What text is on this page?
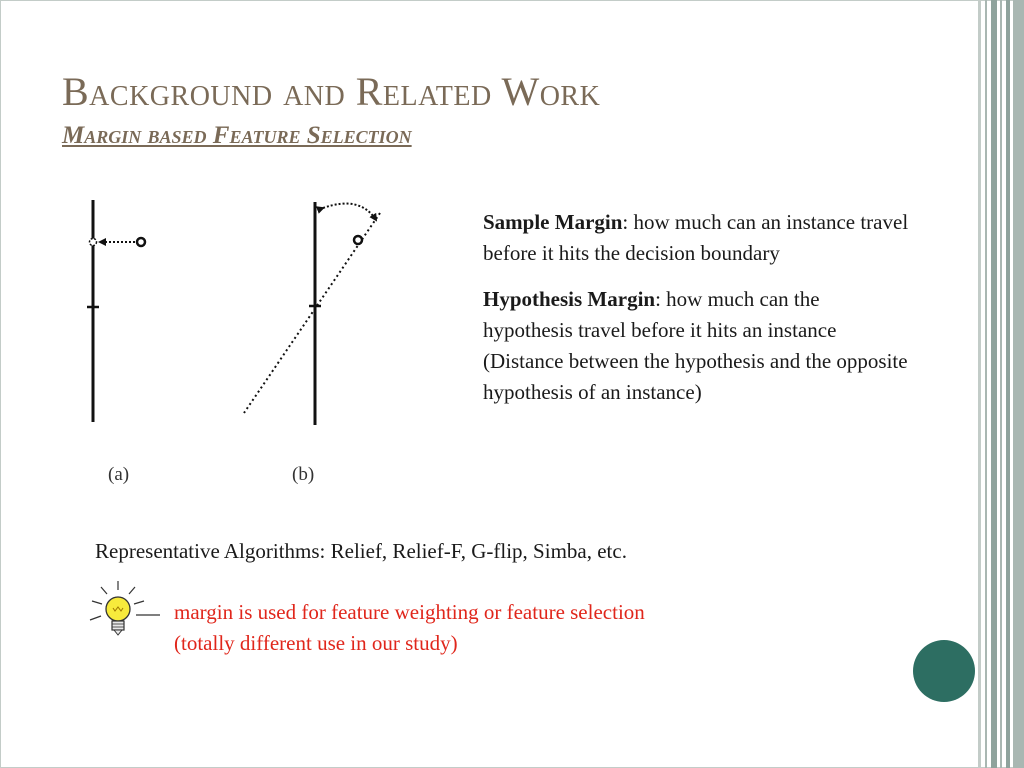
Background and Related Work
Margin based Feature Selection
(a)	(b)

Sample Margin: how much can an instance travel before it hits the decision boundary

Hypothesis Margin: how much can the hypothesis travel before it hits an instance (Distance between the hypothesis and the opposite hypothesis of an instance)

Representative Algorithms: Relief, Relief-F, G-flip, Simba, etc.

margin is used for feature weighting or feature selection
(totally different use in our study)
